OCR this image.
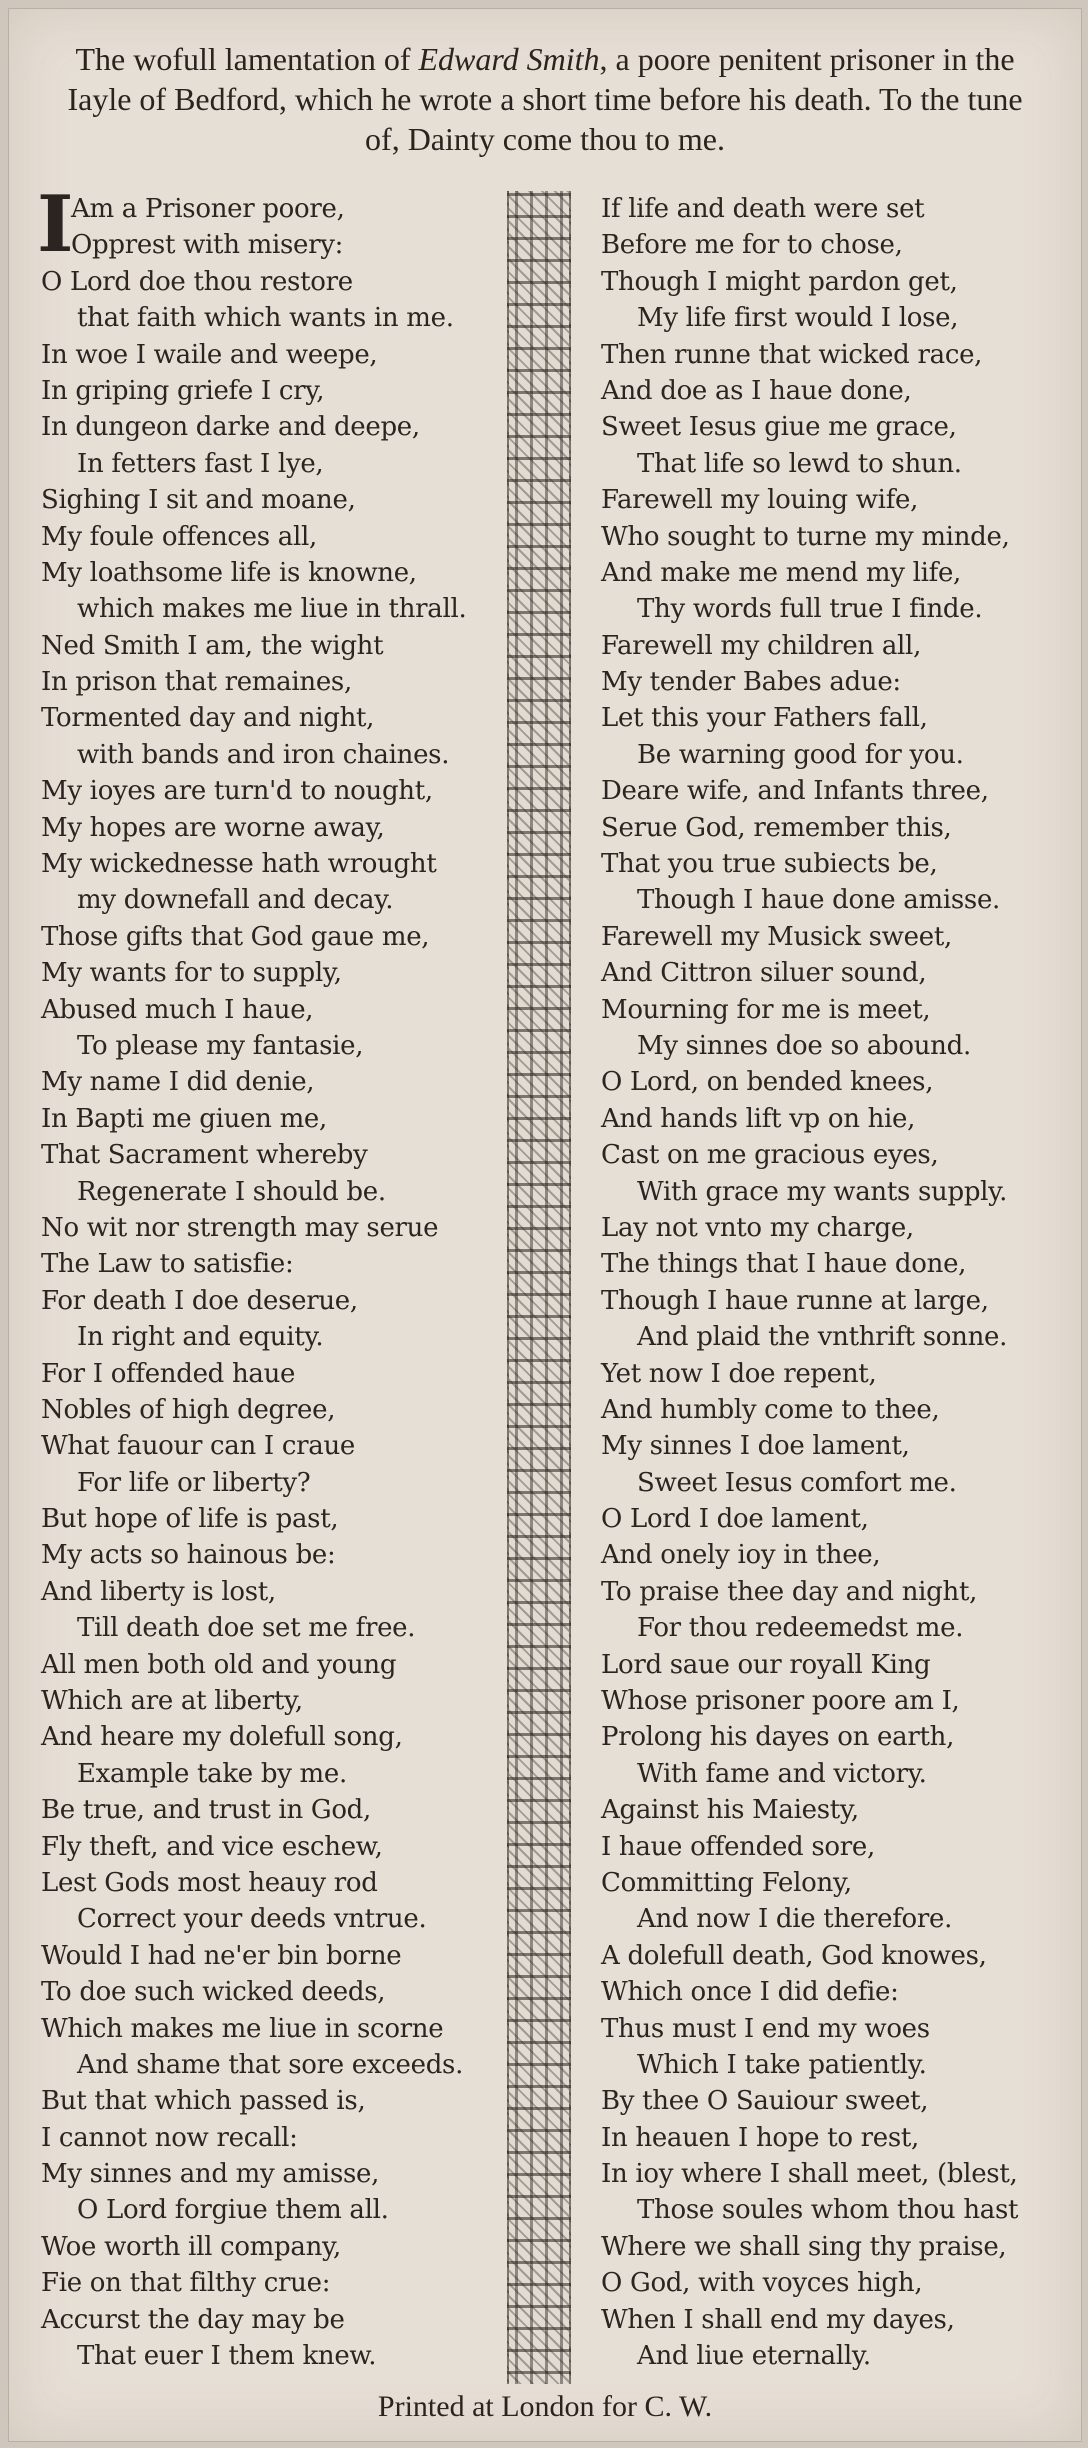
The wofull lamentation of Edward Smith, a poore penitent prisoner in the Iayle of Bedford, which he wrote a short time before his death. To the tune of, Dainty come thou to me.
I
Am a Prisoner poore,
Opprest with misery:
O Lord doe thou restore
that faith which wants in me.
In woe I waile and weepe,
In griping griefe I cry,
In dungeon darke and deepe,
In fetters fast I lye,
Sighing I sit and moane,
My foule offences all,
My loathsome life is knowne,
which makes me liue in thrall.
Ned Smith I am, the wight
In prison that remaines,
Tormented day and night,
with bands and iron chaines.
My ioyes are turn'd to nought,
My hopes are worne away,
My wickednesse hath wrought
my downefall and decay.
Those gifts that God gaue me,
My wants for to supply,
Abused much I haue,
To please my fantasie,
My name I did denie,
In Bapti me giuen me,
That Sacrament whereby
Regenerate I should be.
No wit nor strength may serue
The Law to satisfie:
For death I doe deserue,
In right and equity.
For I offended haue
Nobles of high degree,
What fauour can I craue
For life or liberty?
But hope of life is past,
My acts so hainous be:
And liberty is lost,
Till death doe set me free.
All men both old and young
Which are at liberty,
And heare my dolefull song,
Example take by me.
Be true, and trust in God,
Fly theft, and vice eschew,
Lest Gods most heauy rod
Correct your deeds vntrue.
Would I had ne'er bin borne
To doe such wicked deeds,
Which makes me liue in scorne
And shame that sore exceeds.
But that which passed is,
I cannot now recall:
My sinnes and my amisse,
O Lord forgiue them all.
Woe worth ill company,
Fie on that filthy crue:
Accurst the day may be
That euer I them knew.
If life and death were set
Before me for to chose,
Though I might pardon get,
My life first would I lose,
Then runne that wicked race,
And doe as I haue done,
Sweet Iesus giue me grace,
That life so lewd to shun.
Farewell my louing wife,
Who sought to turne my minde,
And make me mend my life,
Thy words full true I finde.
Farewell my children all,
My tender Babes adue:
Let this your Fathers fall,
Be warning good for you.
Deare wife, and Infants three,
Serue God, remember this,
That you true subiects be,
Though I haue done amisse.
Farewell my Musick sweet,
And Cittron siluer sound,
Mourning for me is meet,
My sinnes doe so abound.
O Lord, on bended knees,
And hands lift vp on hie,
Cast on me gracious eyes,
With grace my wants supply.
Lay not vnto my charge,
The things that I haue done,
Though I haue runne at large,
And plaid the vnthrift sonne.
Yet now I doe repent,
And humbly come to thee,
My sinnes I doe lament,
Sweet Iesus comfort me.
O Lord I doe lament,
And onely ioy in thee,
To praise thee day and night,
For thou redeemedst me.
Lord saue our royall King
Whose prisoner poore am I,
Prolong his dayes on earth,
With fame and victory.
Against his Maiesty,
I haue offended sore,
Committing Felony,
And now I die therefore.
A dolefull death, God knowes,
Which once I did defie:
Thus must I end my woes
Which I take patiently.
By thee O Sauiour sweet,
In heauen I hope to rest,
In ioy where I shall meet, (blest,
Those soules whom thou hast
Where we shall sing thy praise,
O God, with voyces high,
When I shall end my dayes,
And liue eternally.
Printed at London for C. W.
